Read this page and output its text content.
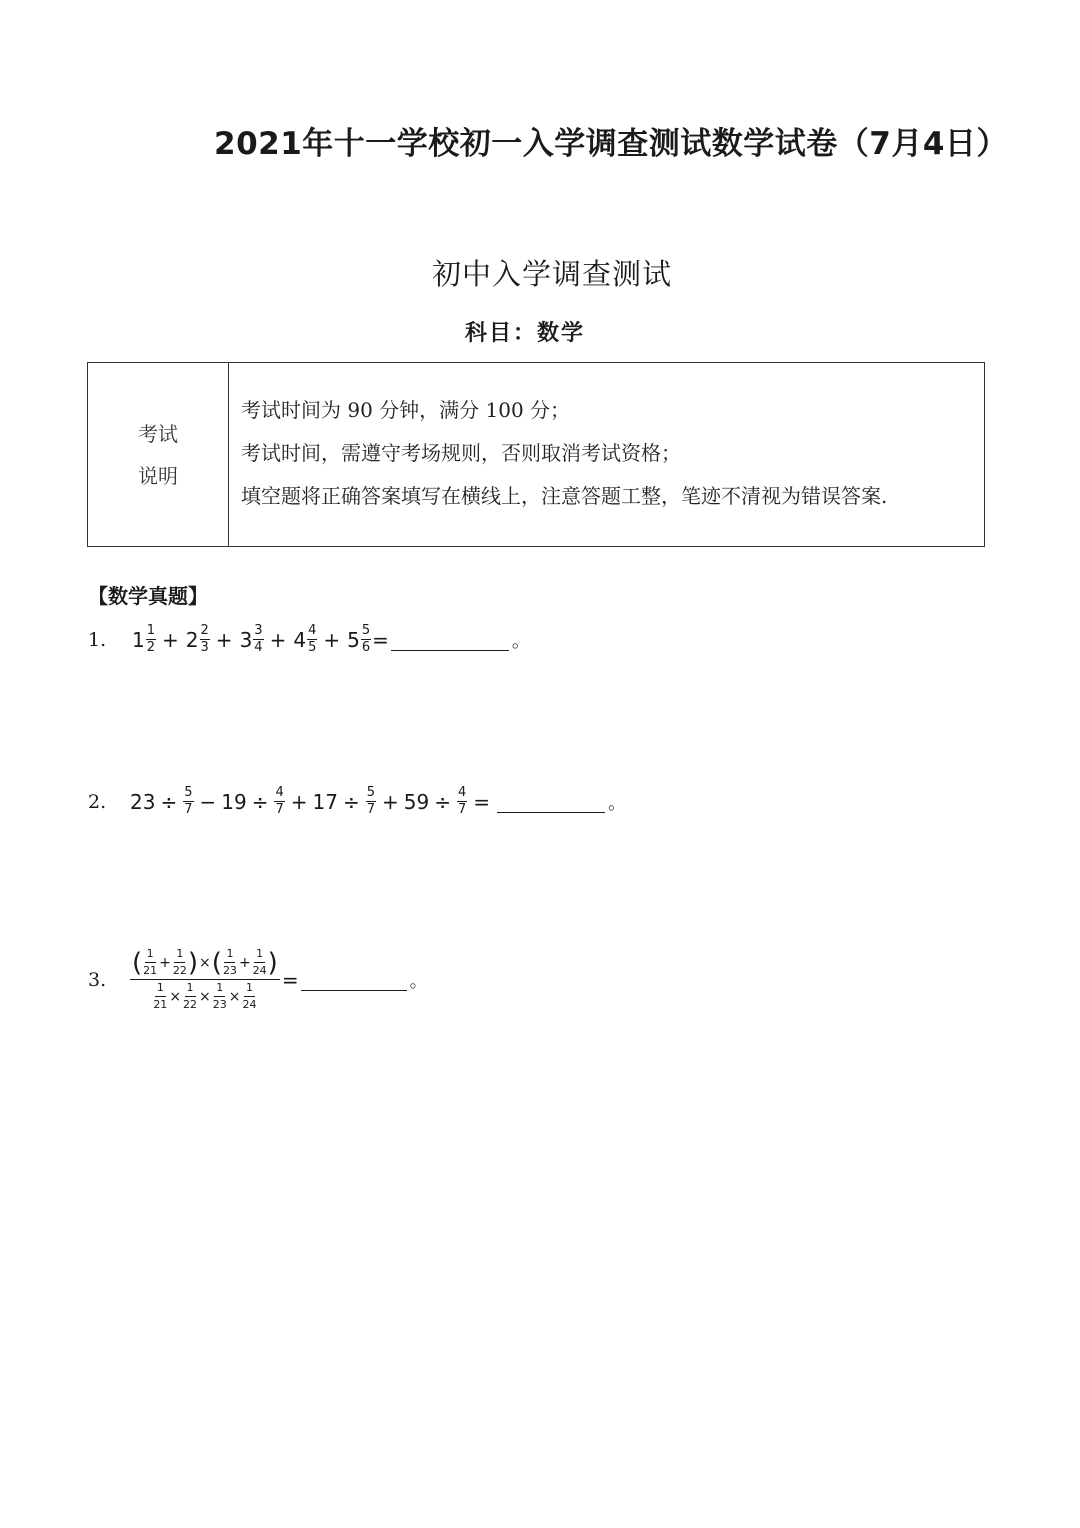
2021年十一学校初一入学调查测试数学试卷（7月4日）
初中入学调查测试
科目：数学
考试
说明
考试时间为 90 分钟，满分 100 分；
考试时间，需遵守考场规则，否则取消考试资格；
填空题将正确答案填写在横线上，注意答题工整，笔迹不清视为错误答案.
【数学真题】
1.	$1 \frac{1}{2} + 2 \frac{2}{3} + 3 \frac{3}{4} + 4 \frac{4}{5} + 5 \frac{5}{6}$ =	。
2.	$23 \div \frac{5}{7} - 19 \div \frac{4}{7} + 17 \div \frac{5}{7} + 59 \div \frac{4}{7}$ =	。
3.
( $\frac{1}{21} + \frac{1}{22}$ ) × ( $\frac{1}{23} + \frac{1}{24}$ )
$\frac{1}{21} \times \frac{1}{22} \times \frac{1}{23} \times \frac{1}{24}$
=	。
